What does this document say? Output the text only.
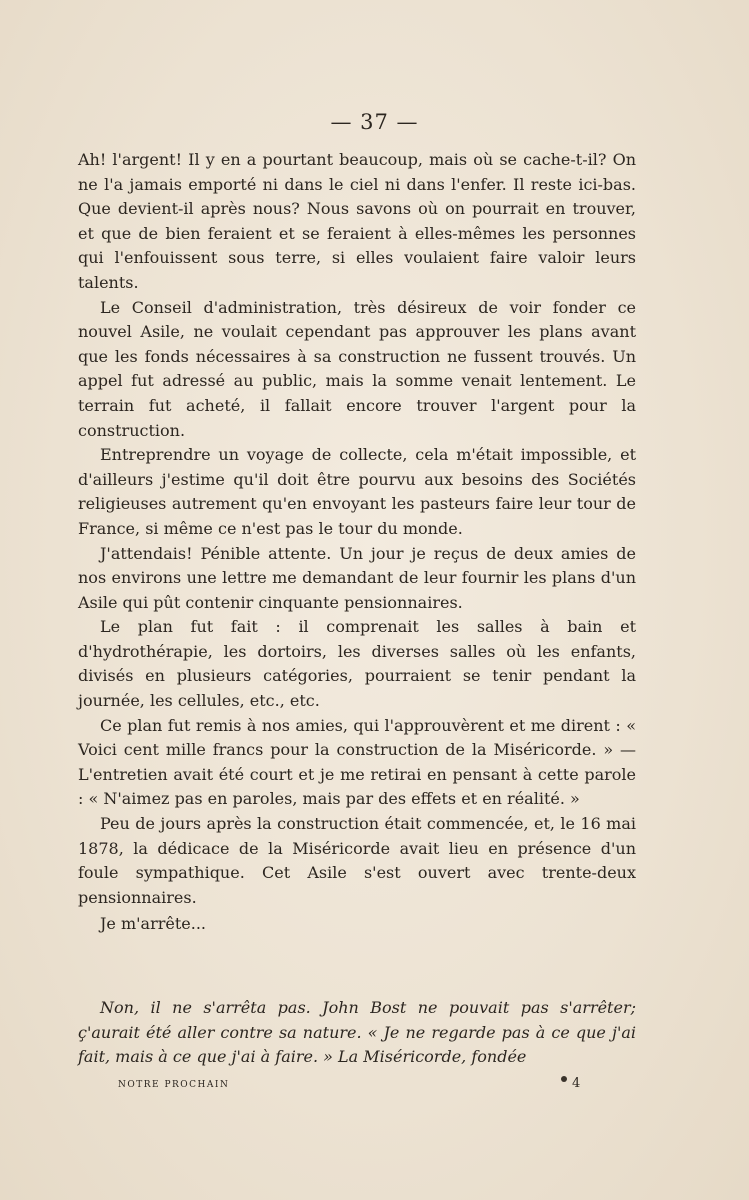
— 37 —

Ah! l'argent! Il y en a pourtant beaucoup, mais où se cache-t-il? On ne l'a jamais emporté ni dans le ciel ni dans l'enfer. Il reste ici-bas. Que devient-il après nous? Nous savons où on pourrait en trouver, et que de bien feraient et se feraient à elles-mêmes les personnes qui l'enfouissent sous terre, si elles voulaient faire valoir leurs talents.

Le Conseil d'administration, très désireux de voir fonder ce nouvel Asile, ne voulait cependant pas approuver les plans avant que les fonds nécessaires à sa construction ne fussent trouvés. Un appel fut adressé au public, mais la somme venait lentement. Le terrain fut acheté, il fallait encore trouver l'argent pour la construction.

Entreprendre un voyage de collecte, cela m'était impossible, et d'ailleurs j'estime qu'il doit être pourvu aux besoins des Sociétés religieuses autrement qu'en envoyant les pasteurs faire leur tour de France, si même ce n'est pas le tour du monde.

J'attendais! Pénible attente. Un jour je reçus de deux amies de nos environs une lettre me demandant de leur fournir les plans d'un Asile qui pût contenir cinquante pensionnaires.

Le plan fut fait : il comprenait les salles à bain et d'hydrothérapie, les dortoirs, les diverses salles où les enfants, divisés en plusieurs catégories, pourraient se tenir pendant la journée, les cellules, etc., etc.

Ce plan fut remis à nos amies, qui l'approuvèrent et me dirent : « Voici cent mille francs pour la construction de la Miséricorde. » — L'entretien avait été court et je me retirai en pensant à cette parole : « N'aimez pas en paroles, mais par des effets et en réalité. »

Peu de jours après la construction était commencée, et, le 16 mai 1878, la dédicace de la Miséricorde avait lieu en présence d'un foule sympathique. Cet Asile s'est ouvert avec trente-deux pensionnaires.

Je m'arrête...

Non, il ne s'arrêta pas. John Bost ne pouvait pas s'arrêter; ç'aurait été aller contre sa nature. « Je ne regarde pas à ce que j'ai fait, mais à ce que j'ai à faire. » La Miséricorde, fondée

NOTRE PROCHAIN	4
